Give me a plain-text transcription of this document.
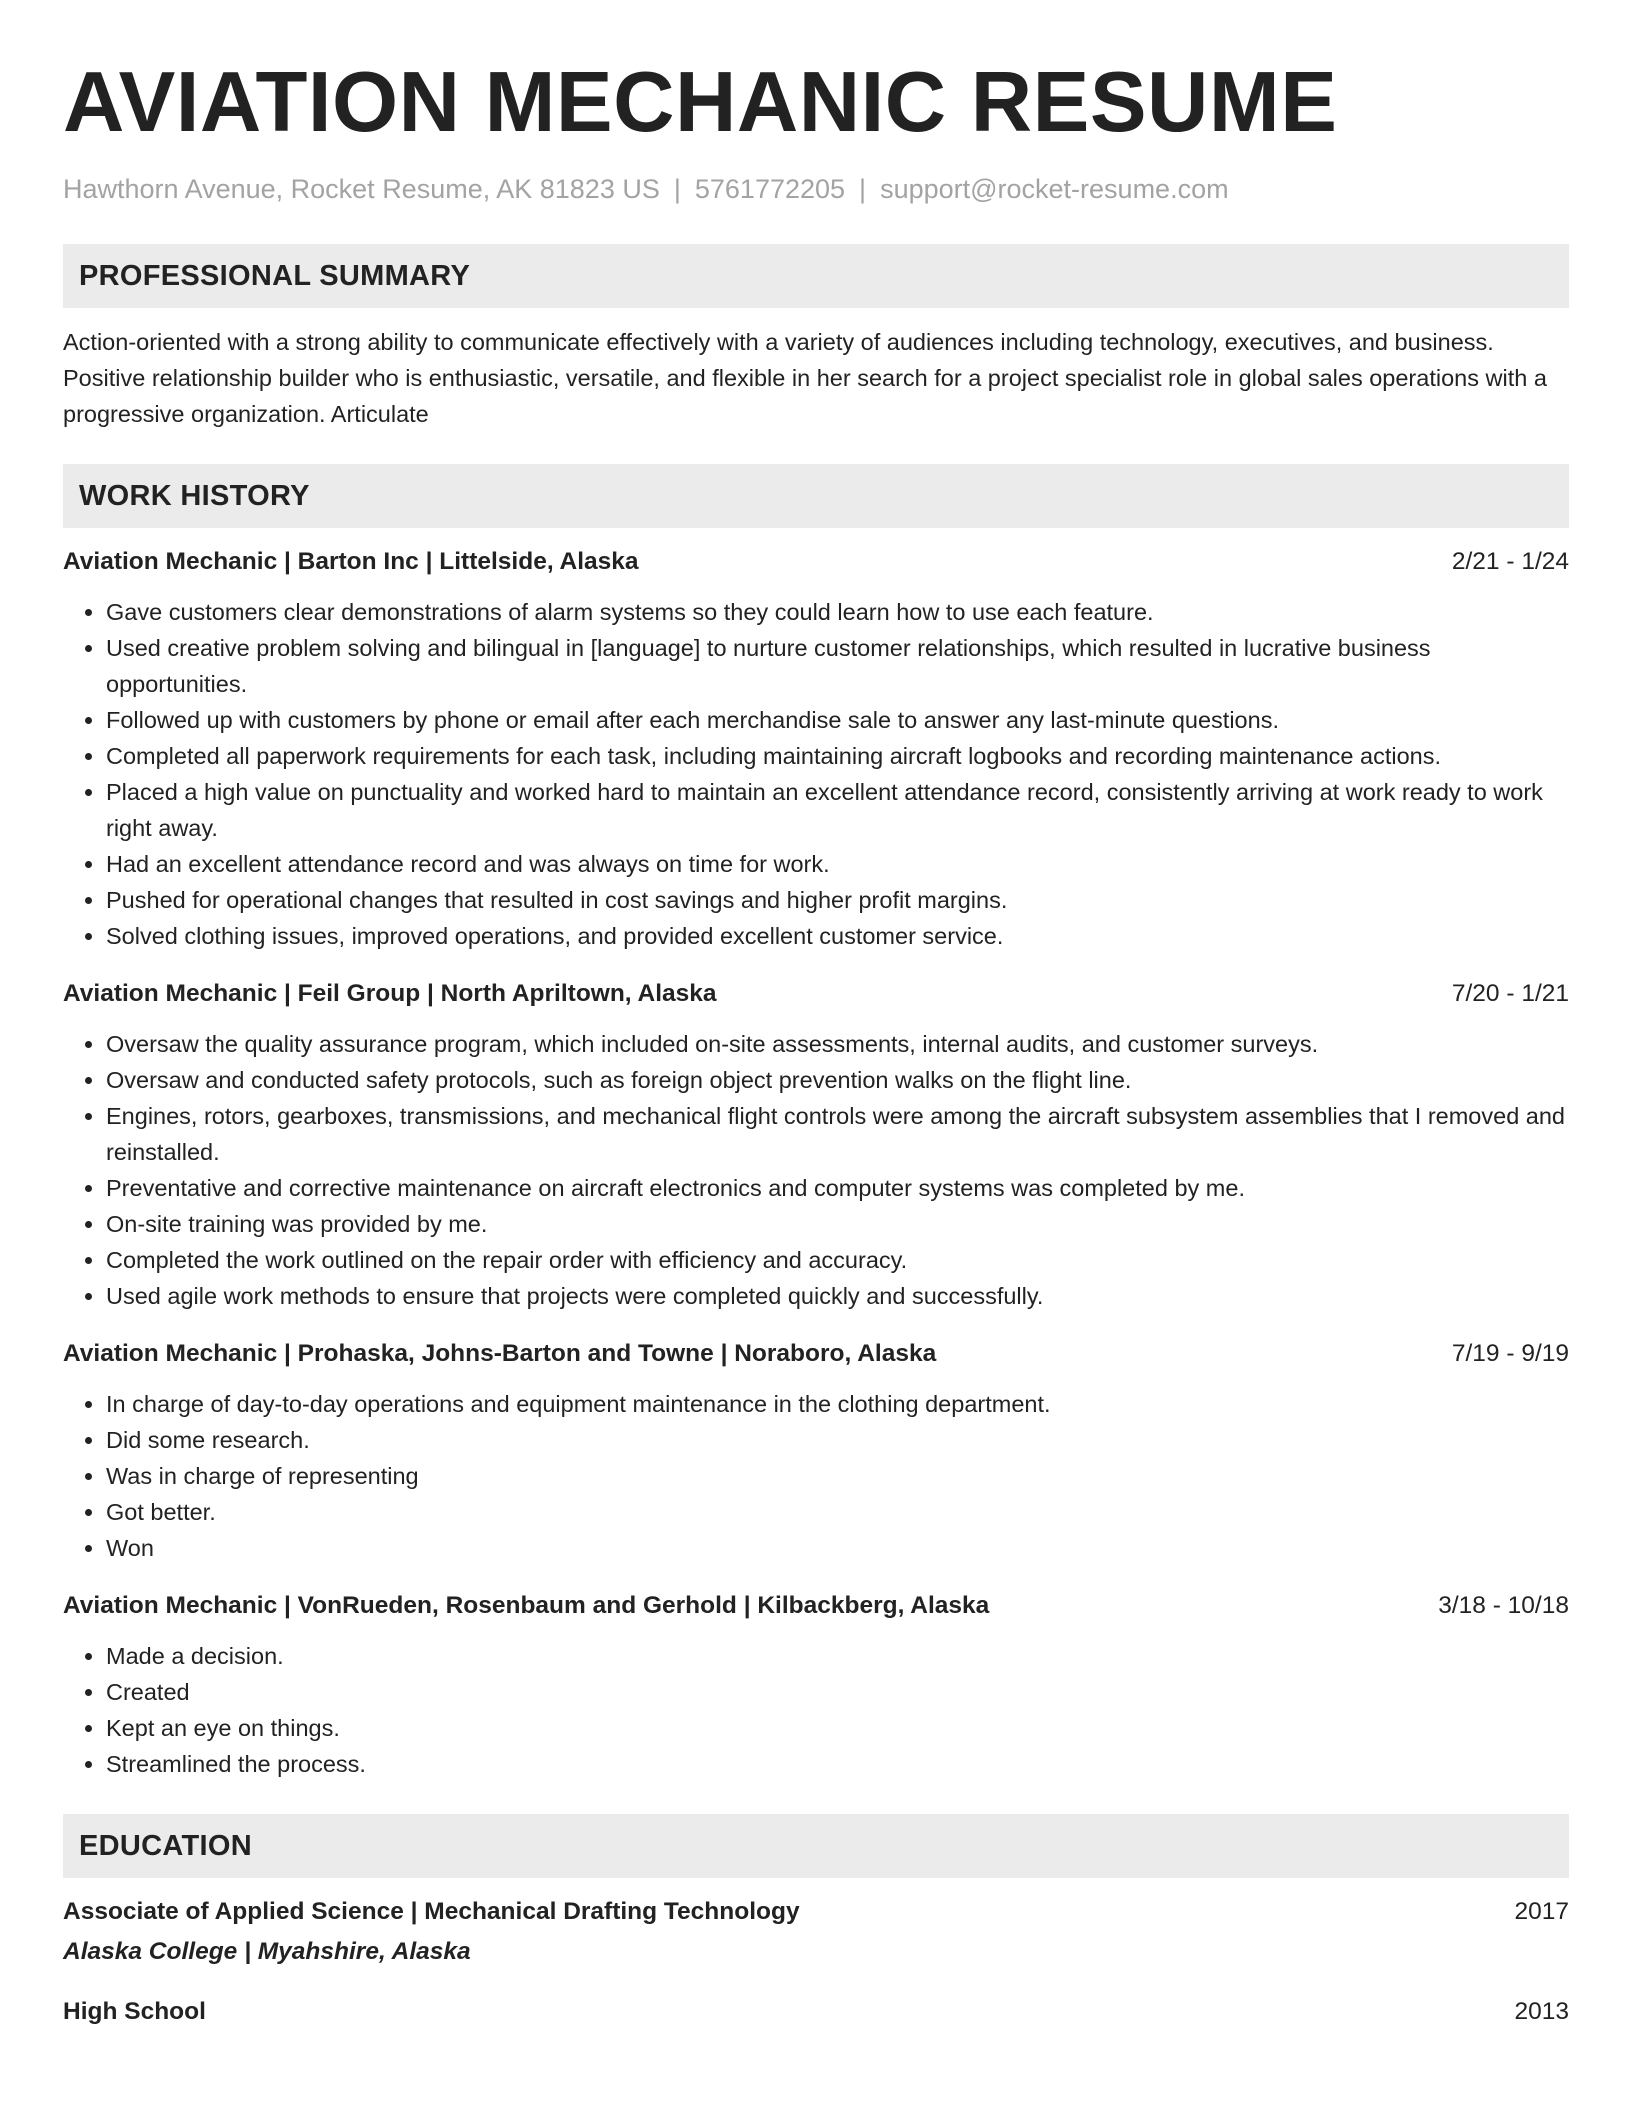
AVIATION MECHANIC RESUME
Hawthorn Avenue, Rocket Resume, AK 81823 US | 5761772205 | support@rocket-resume.com
PROFESSIONAL SUMMARY

Action-oriented with a strong ability to communicate effectively with a variety of audiences including technology, executives, and business. Positive relationship builder who is enthusiastic, versatile, and flexible in her search for a project specialist role in global sales operations with a progressive organization. Articulate

WORK HISTORY
Aviation Mechanic | Barton Inc | Littelside, Alaska	2/21 - 1/24
• Gave customers clear demonstrations of alarm systems so they could learn how to use each feature.
• Used creative problem solving and bilingual in [language] to nurture customer relationships, which resulted in lucrative business opportunities.
• Followed up with customers by phone or email after each merchandise sale to answer any last-minute questions.
• Completed all paperwork requirements for each task, including maintaining aircraft logbooks and recording maintenance actions.
• Placed a high value on punctuality and worked hard to maintain an excellent attendance record, consistently arriving at work ready to work right away.
• Had an excellent attendance record and was always on time for work.
• Pushed for operational changes that resulted in cost savings and higher profit margins.
• Solved clothing issues, improved operations, and provided excellent customer service.
Aviation Mechanic | Feil Group | North Apriltown, Alaska	7/20 - 1/21
• Oversaw the quality assurance program, which included on-site assessments, internal audits, and customer surveys.
• Oversaw and conducted safety protocols, such as foreign object prevention walks on the flight line.
• Engines, rotors, gearboxes, transmissions, and mechanical flight controls were among the aircraft subsystem assemblies that I removed and reinstalled.
• Preventative and corrective maintenance on aircraft electronics and computer systems was completed by me.
• On-site training was provided by me.
• Completed the work outlined on the repair order with efficiency and accuracy.
• Used agile work methods to ensure that projects were completed quickly and successfully.
Aviation Mechanic | Prohaska, Johns-Barton and Towne | Noraboro, Alaska	7/19 - 9/19
• In charge of day-to-day operations and equipment maintenance in the clothing department.
• Did some research.
• Was in charge of representing
• Got better.
• Won
Aviation Mechanic | VonRueden, Rosenbaum and Gerhold | Kilbackberg, Alaska	3/18 - 10/18
• Made a decision.
• Created
• Kept an eye on things.
• Streamlined the process.
EDUCATION
Associate of Applied Science | Mechanical Drafting Technology	2017
Alaska College | Myahshire, Alaska
High School	2013
